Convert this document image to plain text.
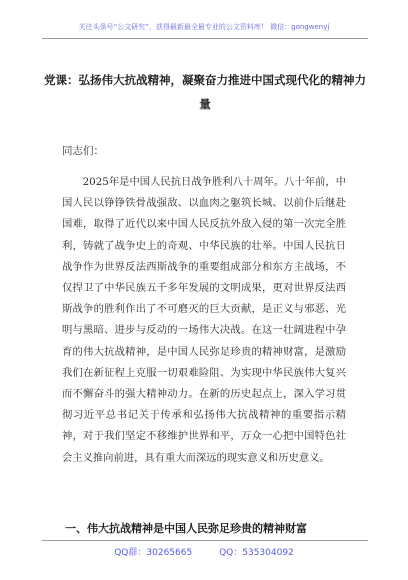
关注头条号“公文研究”，获得最新最全最专业的公文资料库！ 微信：gongwenyj
党课：弘扬伟大抗战精神，凝聚奋力推进中国式现代化的精神力量
同志们：
2025年是中国人民抗日战争胜利八十周年。八十年前，中国人民以铮铮铁骨战强敌、以血肉之躯筑长城、以前仆后继赴国难，取得了近代以来中国人民反抗外敌入侵的第一次完全胜利，铸就了战争史上的奇观、中华民族的壮举。中国人民抗日战争作为世界反法西斯战争的重要组成部分和东方主战场，不仅捍卫了中华民族五千多年发展的文明成果，更对世界反法西斯战争的胜利作出了不可磨灭的巨大贡献，是正义与邪恶、光明与黑暗、进步与反动的一场伟大决战。在这一壮阔进程中孕育的伟大抗战精神，是中国人民弥足珍贵的精神财富，是激励我们在新征程上克服一切艰难险阻、为实现中华民族伟大复兴而不懈奋斗的强大精神动力。在新的历史起点上，深入学习贯彻习近平总书记关于传承和弘扬伟大抗战精神的重要指示精神，对于我们坚定不移维护世界和平，万众一心把中国特色社会主义推向前进，具有重大而深远的现实意义和历史意义。
一、伟大抗战精神是中国人民弥足珍贵的精神财富
QQ群：30265665	QQ：535304092
